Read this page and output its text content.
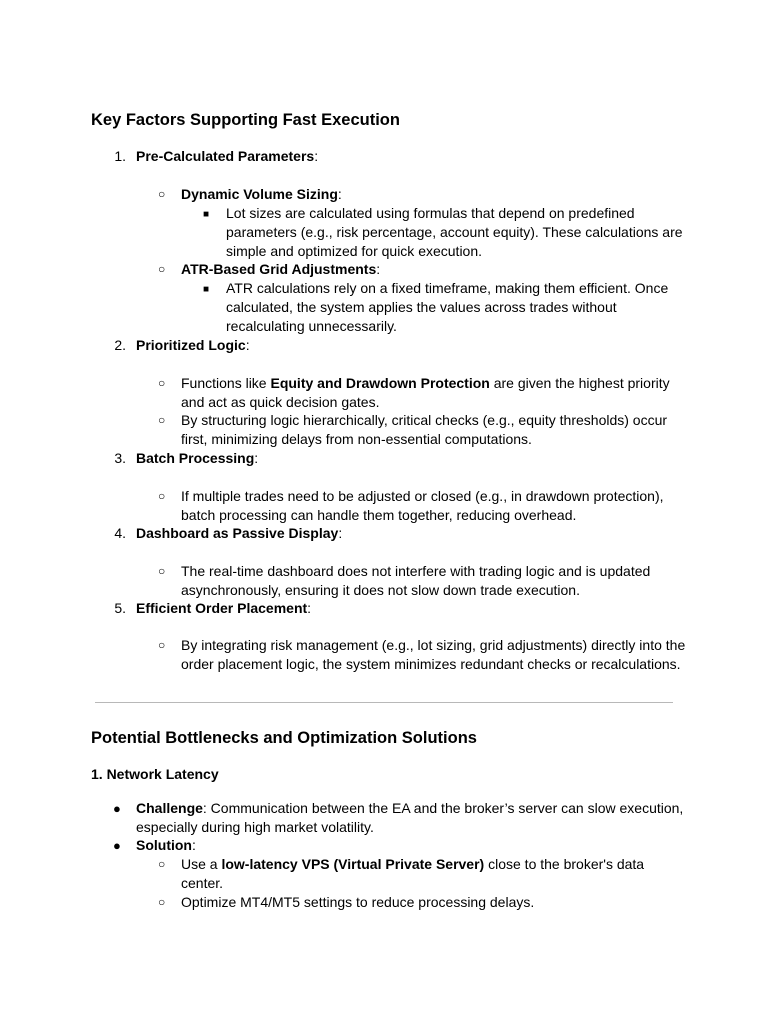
Key Factors Supporting Fast Execution
1. Pre-Calculated Parameters:
○ Dynamic Volume Sizing:
■ Lot sizes are calculated using formulas that depend on predefined
parameters (e.g., risk percentage, account equity). These calculations are
simple and optimized for quick execution.
○ ATR-Based Grid Adjustments:
■ ATR calculations rely on a fixed timeframe, making them efficient. Once
calculated, the system applies the values across trades without
recalculating unnecessarily.
2. Prioritized Logic:
○ Functions like Equity and Drawdown Protection are given the highest priority
and act as quick decision gates.
○ By structuring logic hierarchically, critical checks (e.g., equity thresholds) occur
first, minimizing delays from non-essential computations.
3. Batch Processing:
○ If multiple trades need to be adjusted or closed (e.g., in drawdown protection),
batch processing can handle them together, reducing overhead.
4. Dashboard as Passive Display:
○ The real-time dashboard does not interfere with trading logic and is updated
asynchronously, ensuring it does not slow down trade execution.
5. Efficient Order Placement:
○ By integrating risk management (e.g., lot sizing, grid adjustments) directly into the
order placement logic, the system minimizes redundant checks or recalculations.
Potential Bottlenecks and Optimization Solutions
1. Network Latency
● Challenge: Communication between the EA and the broker’s server can slow execution,
especially during high market volatility.
● Solution:
○ Use a low-latency VPS (Virtual Private Server) close to the broker's data
center.
○ Optimize MT4/MT5 settings to reduce processing delays.
